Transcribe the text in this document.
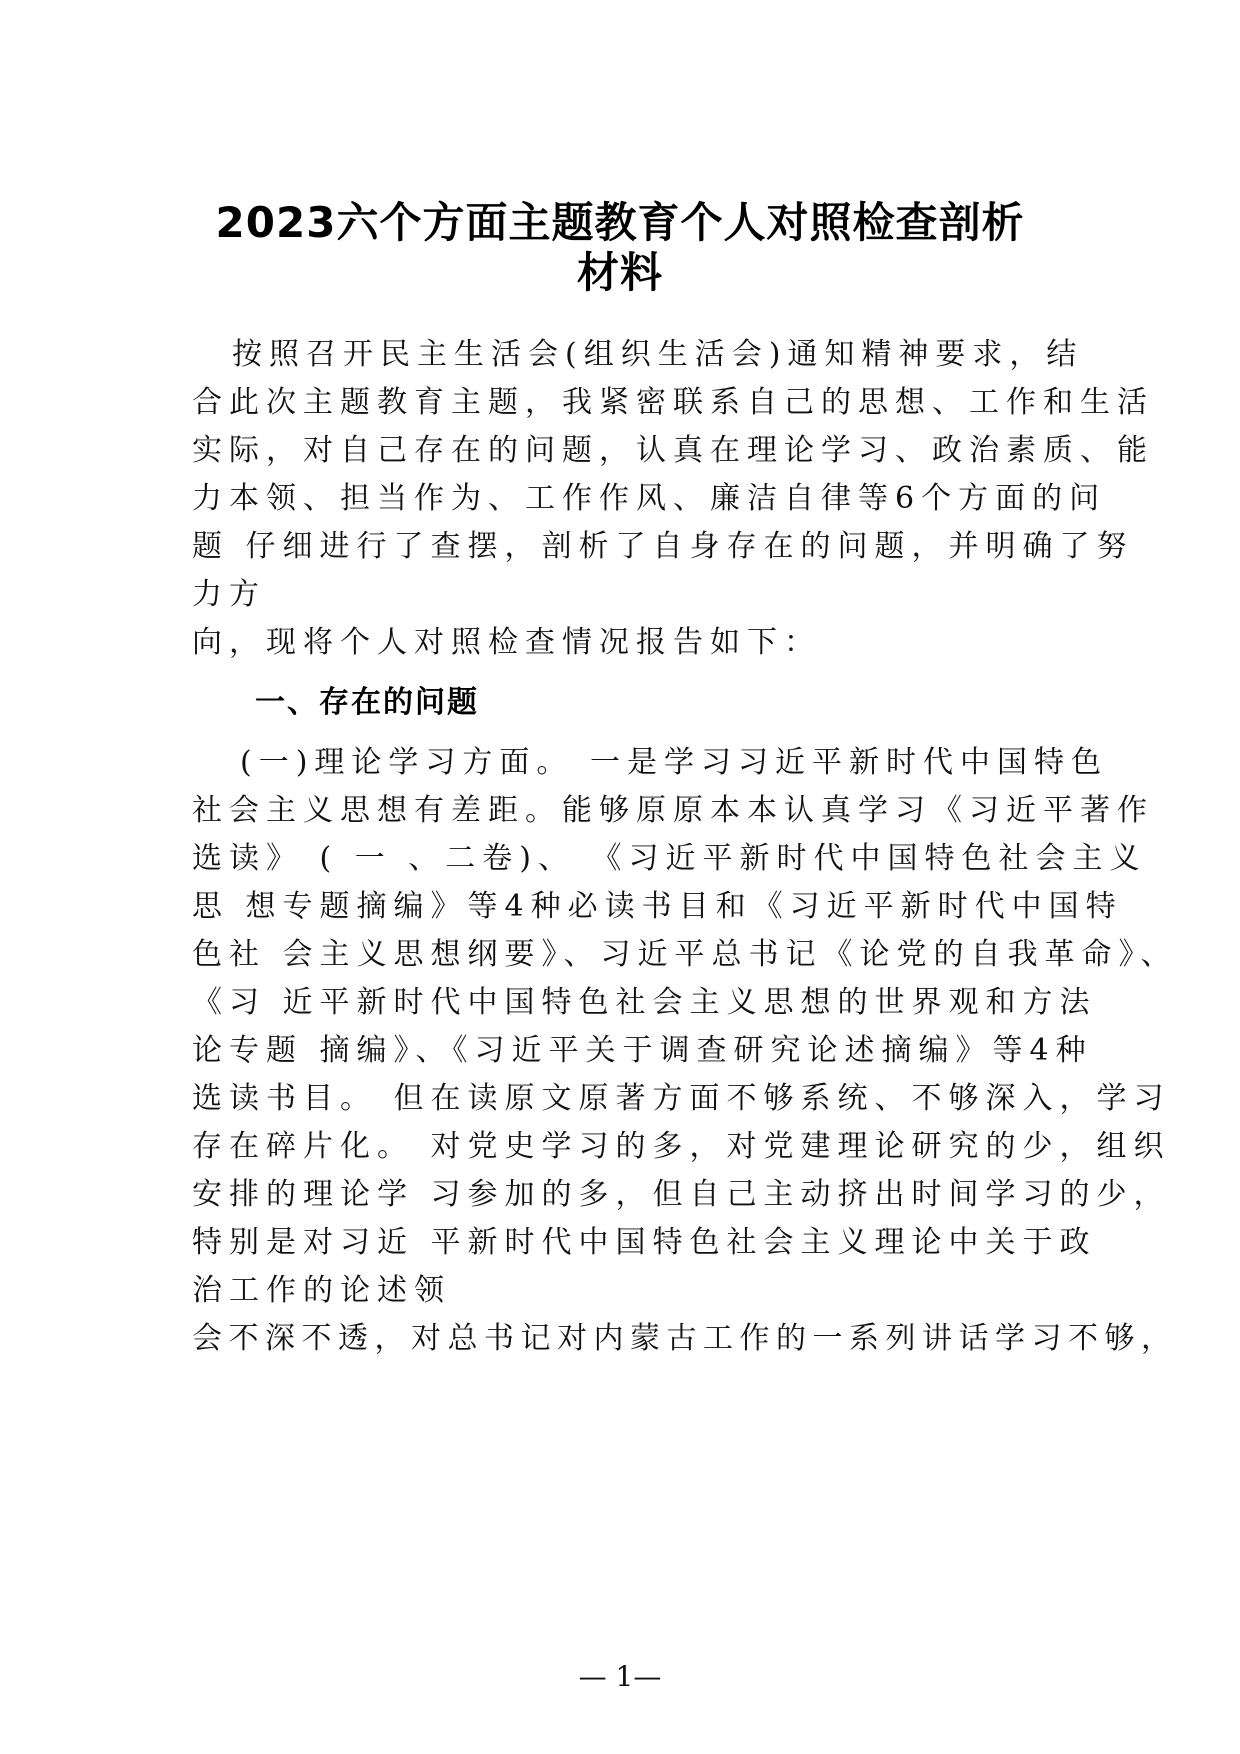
2023六个方面主题教育个人对照检查剖析
材料
按照召开民主生活会(组织生活会)通知精神要求，结
合此次主题教育主题，我紧密联系自己的思想、工作和生活
实际，对自己存在的问题，认真在理论学习、政治素质、能
力本领、担当作为、工作作风、廉洁自律等6个方面的问
题 仔细进行了查摆，剖析了自身存在的问题，并明确了努
力方
向，现将个人对照检查情况报告如下：
一、存在的问题
(一)理论学习方面。 一是学习习近平新时代中国特色
社会主义思想有差距。能够原原本本认真学习《习近平著作
选读》 ( 一 、二卷)、 《习近平新时代中国特色社会主义
思 想专题摘编》等4种必读书目和《习近平新时代中国特
色社 会主义思想纲要》、习近平总书记《论党的自我革命》、
《习 近平新时代中国特色社会主义思想的世界观和方法
论专题 摘编》、《习近平关于调查研究论述摘编》等4种
选读书目。 但在读原文原著方面不够系统、不够深入，学习
存在碎片化。 对党史学习的多，对党建理论研究的少，组织
安排的理论学 习参加的多，但自己主动挤出时间学习的少，
特别是对习近 平新时代中国特色社会主义理论中关于政
治工作的论述领
会不深不透，对总书记对内蒙古工作的一系列讲话学习不够，
— 1—
